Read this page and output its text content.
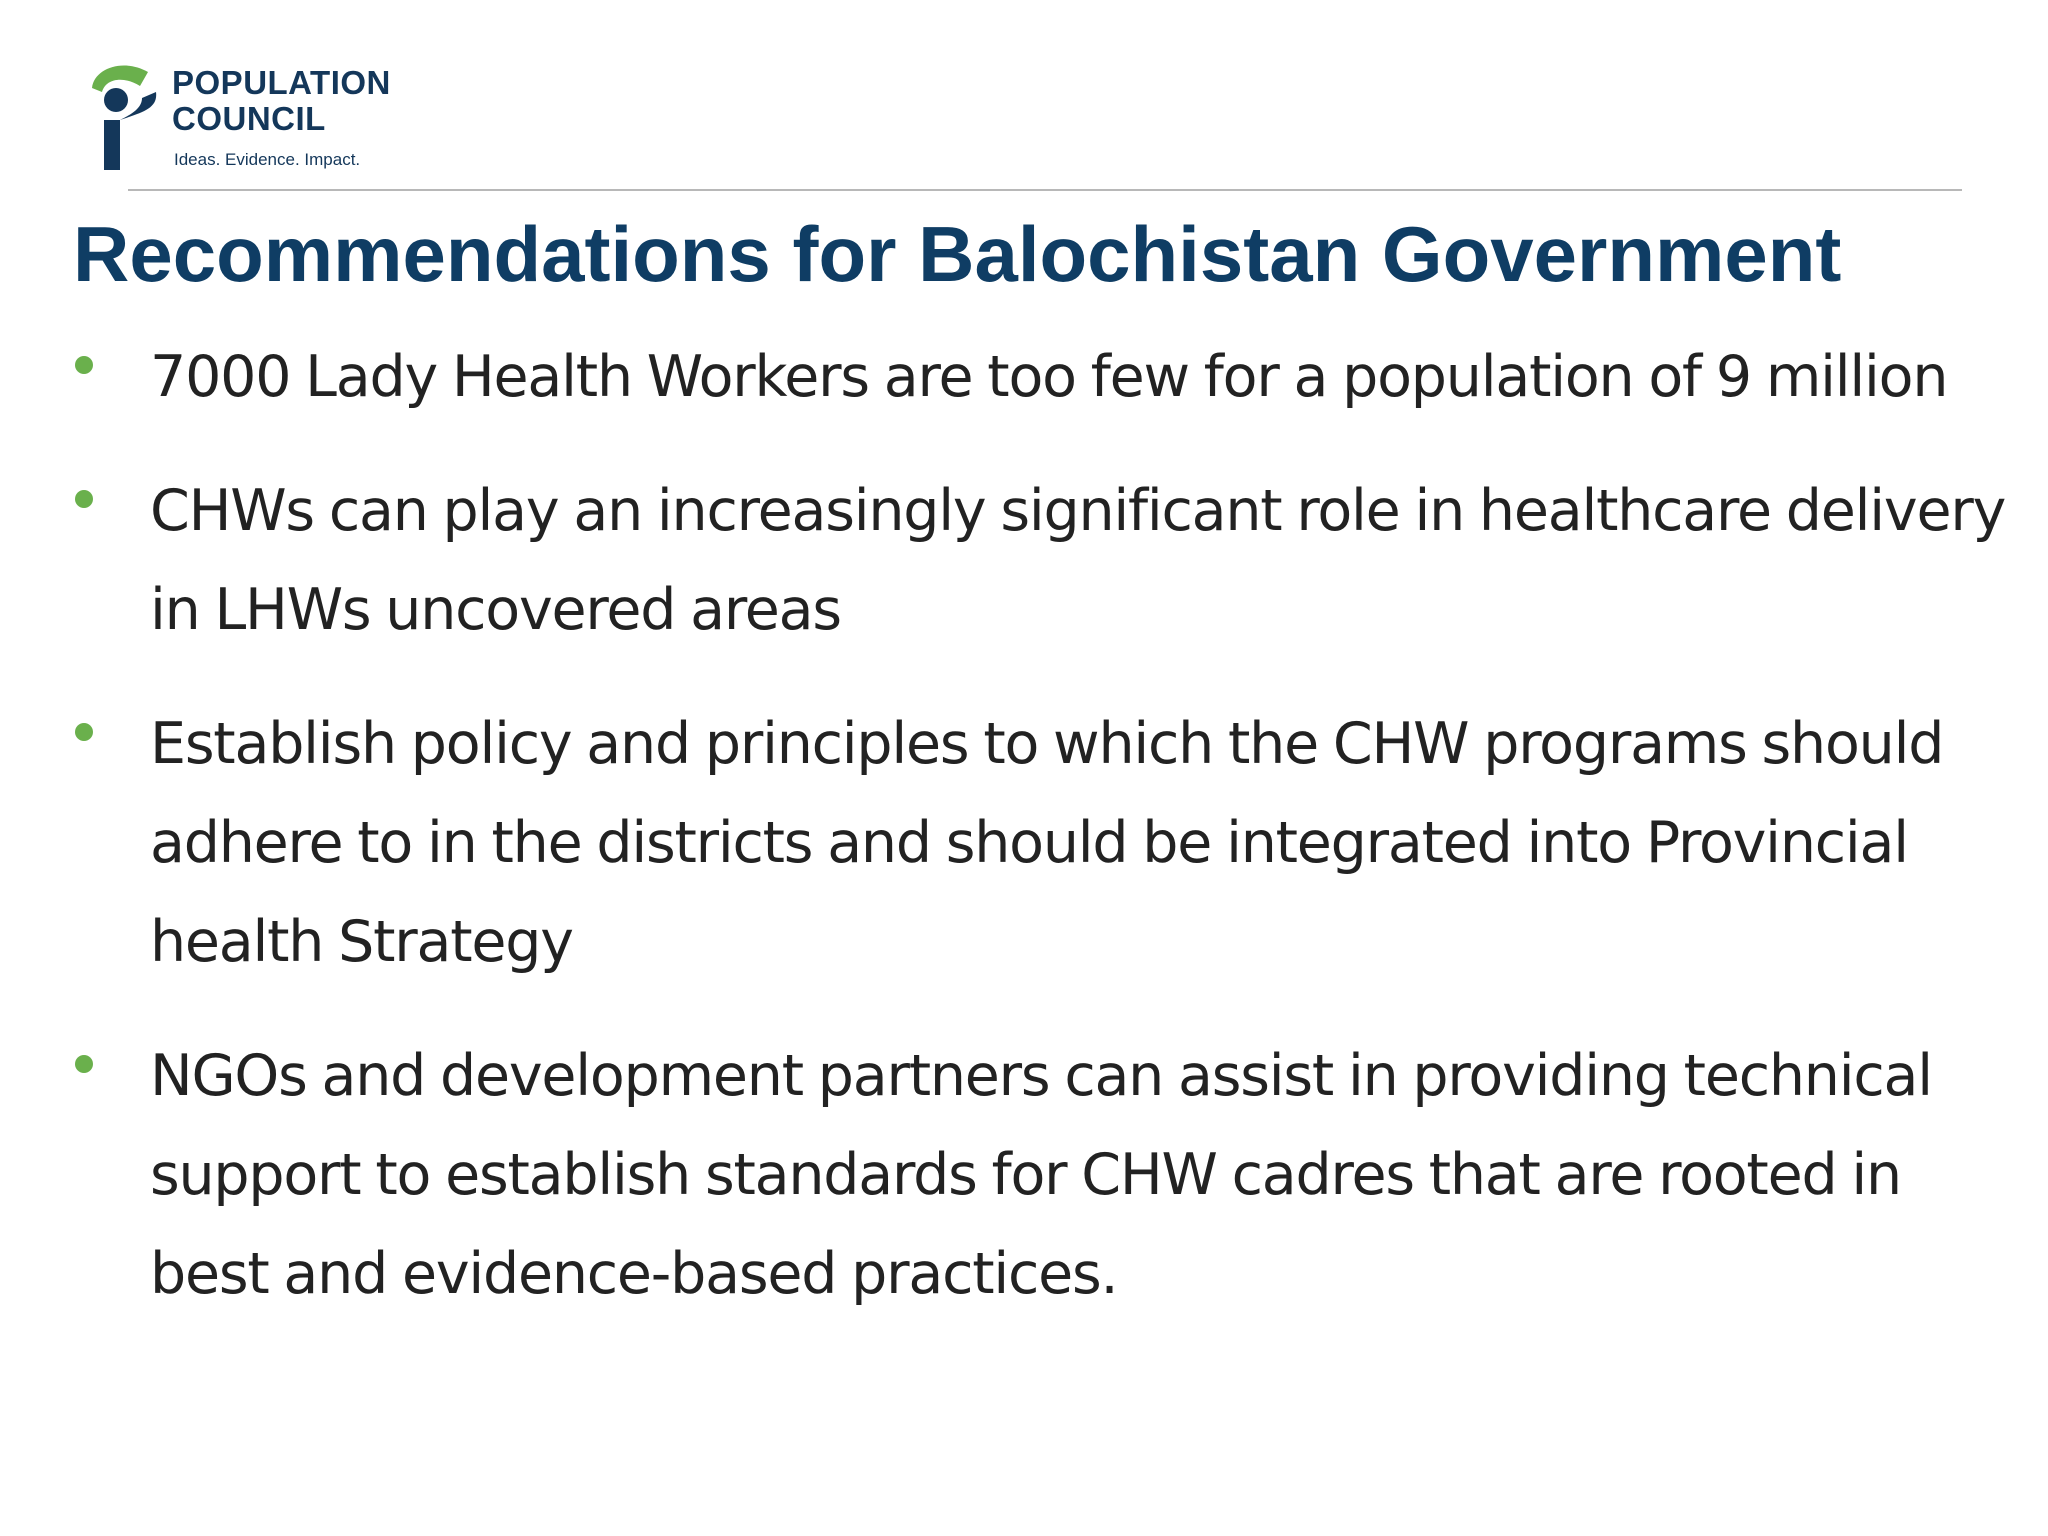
POPULATION
COUNCIL
Ideas. Evidence. Impact.
Recommendations for Balochistan Government
7000 Lady Health Workers are too few for a population of 9 million
CHWs can play an increasingly significant role in healthcare delivery in LHWs uncovered areas
Establish policy and principles to which the CHW programs should adhere to in the districts and should be integrated into Provincial health Strategy
NGOs and development partners can assist in providing technical support to establish standards for CHW cadres that are rooted in best and evidence-based practices.
